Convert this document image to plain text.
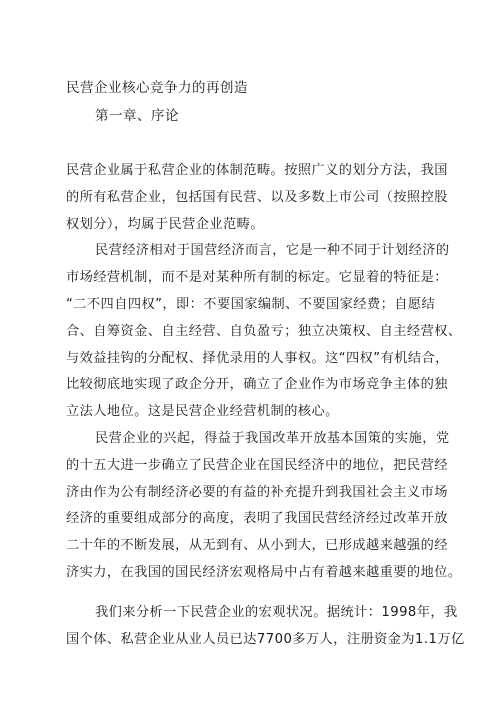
民营企业核心竞争力的再创造
第一章、序论

民营企业属于私营企业的体制范畴。按照广义的划分方法，我国
的所有私营企业，包括国有民营、以及多数上市公司（按照控股
权划分），均属于民营企业范畴。

民营经济相对于国营经济而言，它是一种不同于计划经济的
市场经营机制，而不是对某种所有制的标定。它显着的特征是：
“二不四自四权”，即：不要国家编制、不要国家经费；自愿结
合、自筹资金、自主经营、自负盈亏；独立决策权、自主经营权、
与效益挂钩的分配权、择优录用的人事权。这“四权”有机结合，
比较彻底地实现了政企分开，确立了企业作为市场竞争主体的独
立法人地位。这是民营企业经营机制的核心。

民营企业的兴起，得益于我国改革开放基本国策的实施，党
的十五大进一步确立了民营企业在国民经济中的地位，把民营经
济由作为公有制经济必要的有益的补充提升到我国社会主义市场
经济的重要组成部分的高度，表明了我国民营经济经过改革开放
二十年的不断发展，从无到有、从小到大，已形成越来越强的经
济实力，在我国的国民经济宏观格局中占有着越来越重要的地位。

我们来分析一下民营企业的宏观状况。据统计：1998年，我
国个体、私营企业从业人员已达7700多万人，注册资金为1.1万亿
